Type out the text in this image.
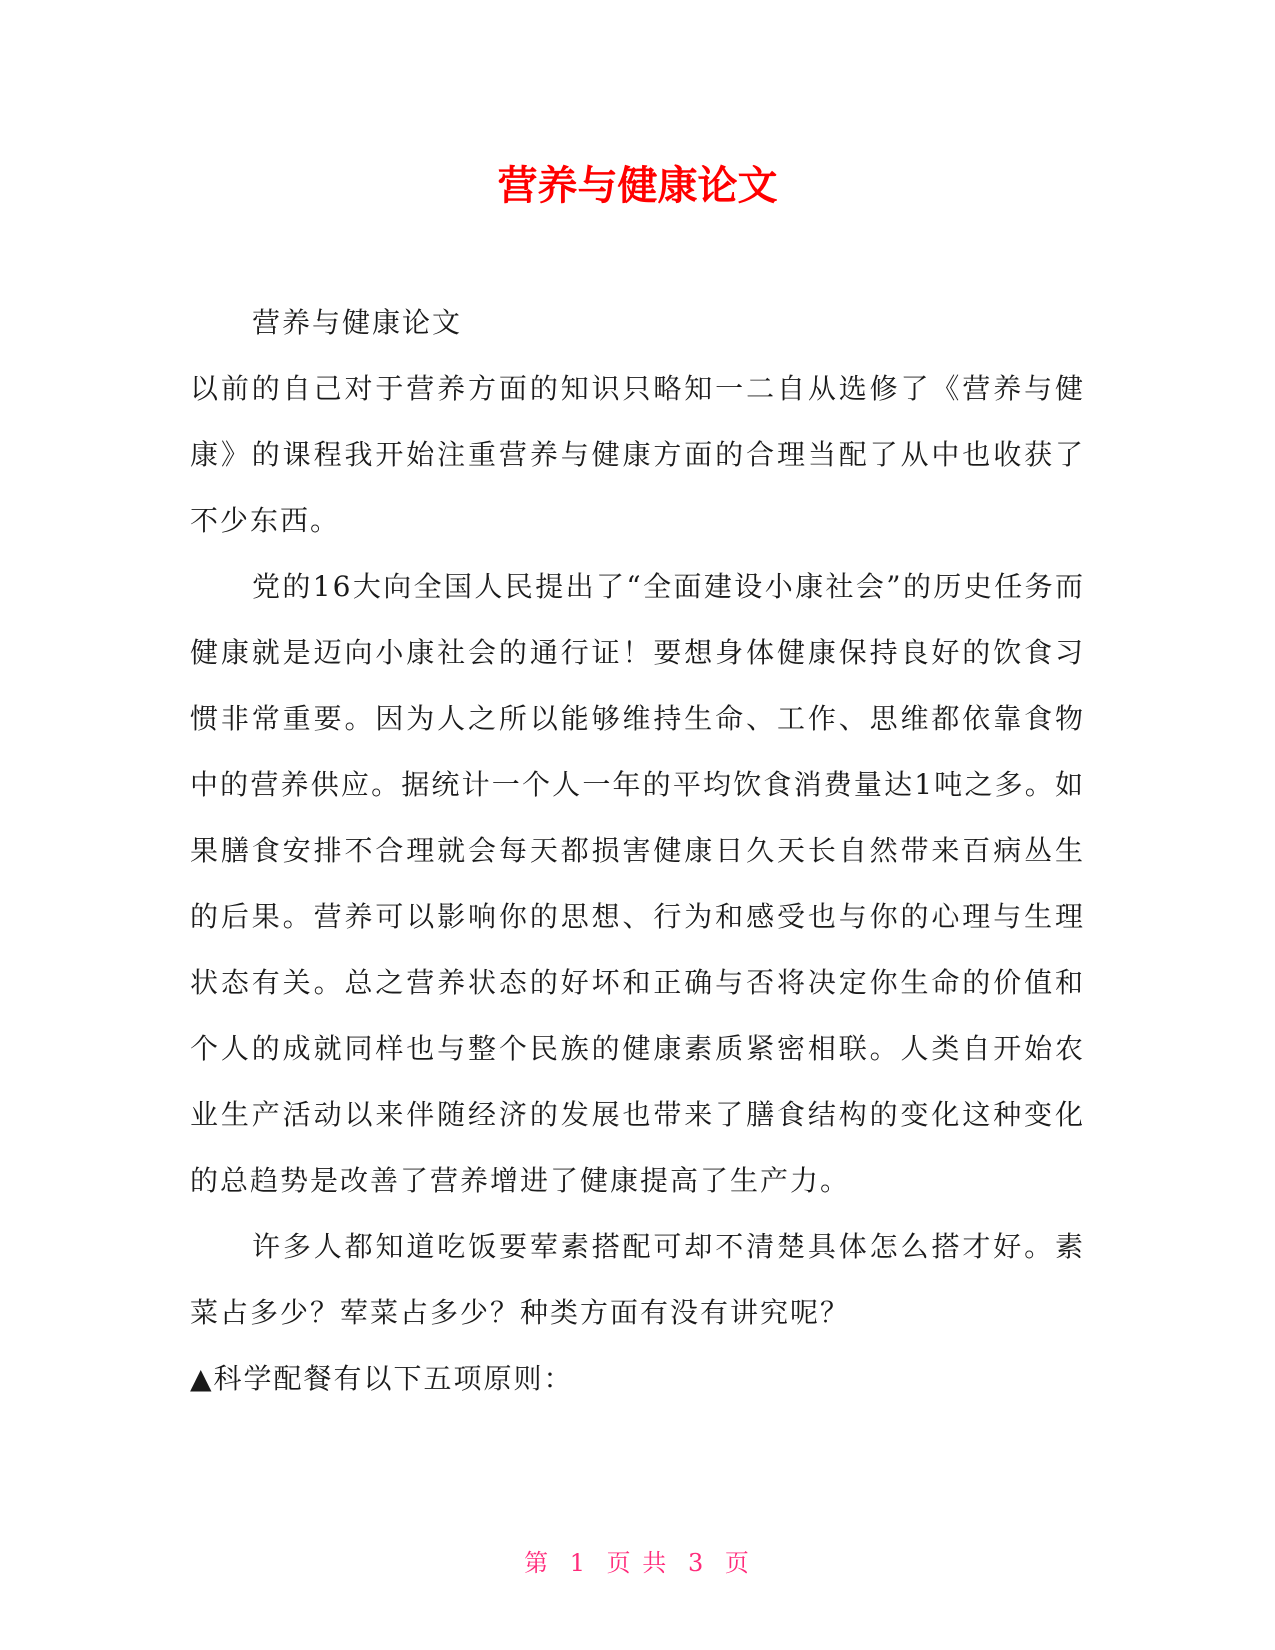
营养与健康论文

营养与健康论文

以前的自己对于营养方面的知识只略知一二自从选修了《营养与健康》的课程我开始注重营养与健康方面的合理当配了从中也收获了不少东西。

党的16大向全国人民提出了“全面建设小康社会”的历史任务而健康就是迈向小康社会的通行证！要想身体健康保持良好的饮食习惯非常重要。因为人之所以能够维持生命、工作、思维都依靠食物中的营养供应。据统计一个人一年的平均饮食消费量达1吨之多。如果膳食安排不合理就会每天都损害健康日久天长自然带来百病丛生的后果。营养可以影响你的思想、行为和感受也与你的心理与生理状态有关。总之营养状态的好坏和正确与否将决定你生命的价值和个人的成就同样也与整个民族的健康素质紧密相联。人类自开始农业生产活动以来伴随经济的发展也带来了膳食结构的变化这种变化的总趋势是改善了营养增进了健康提高了生产力。

许多人都知道吃饭要荤素搭配可却不清楚具体怎么搭才好。素菜占多少？荤菜占多少？种类方面有没有讲究呢？

▲科学配餐有以下五项原则：

第 1 页 共 3 页
